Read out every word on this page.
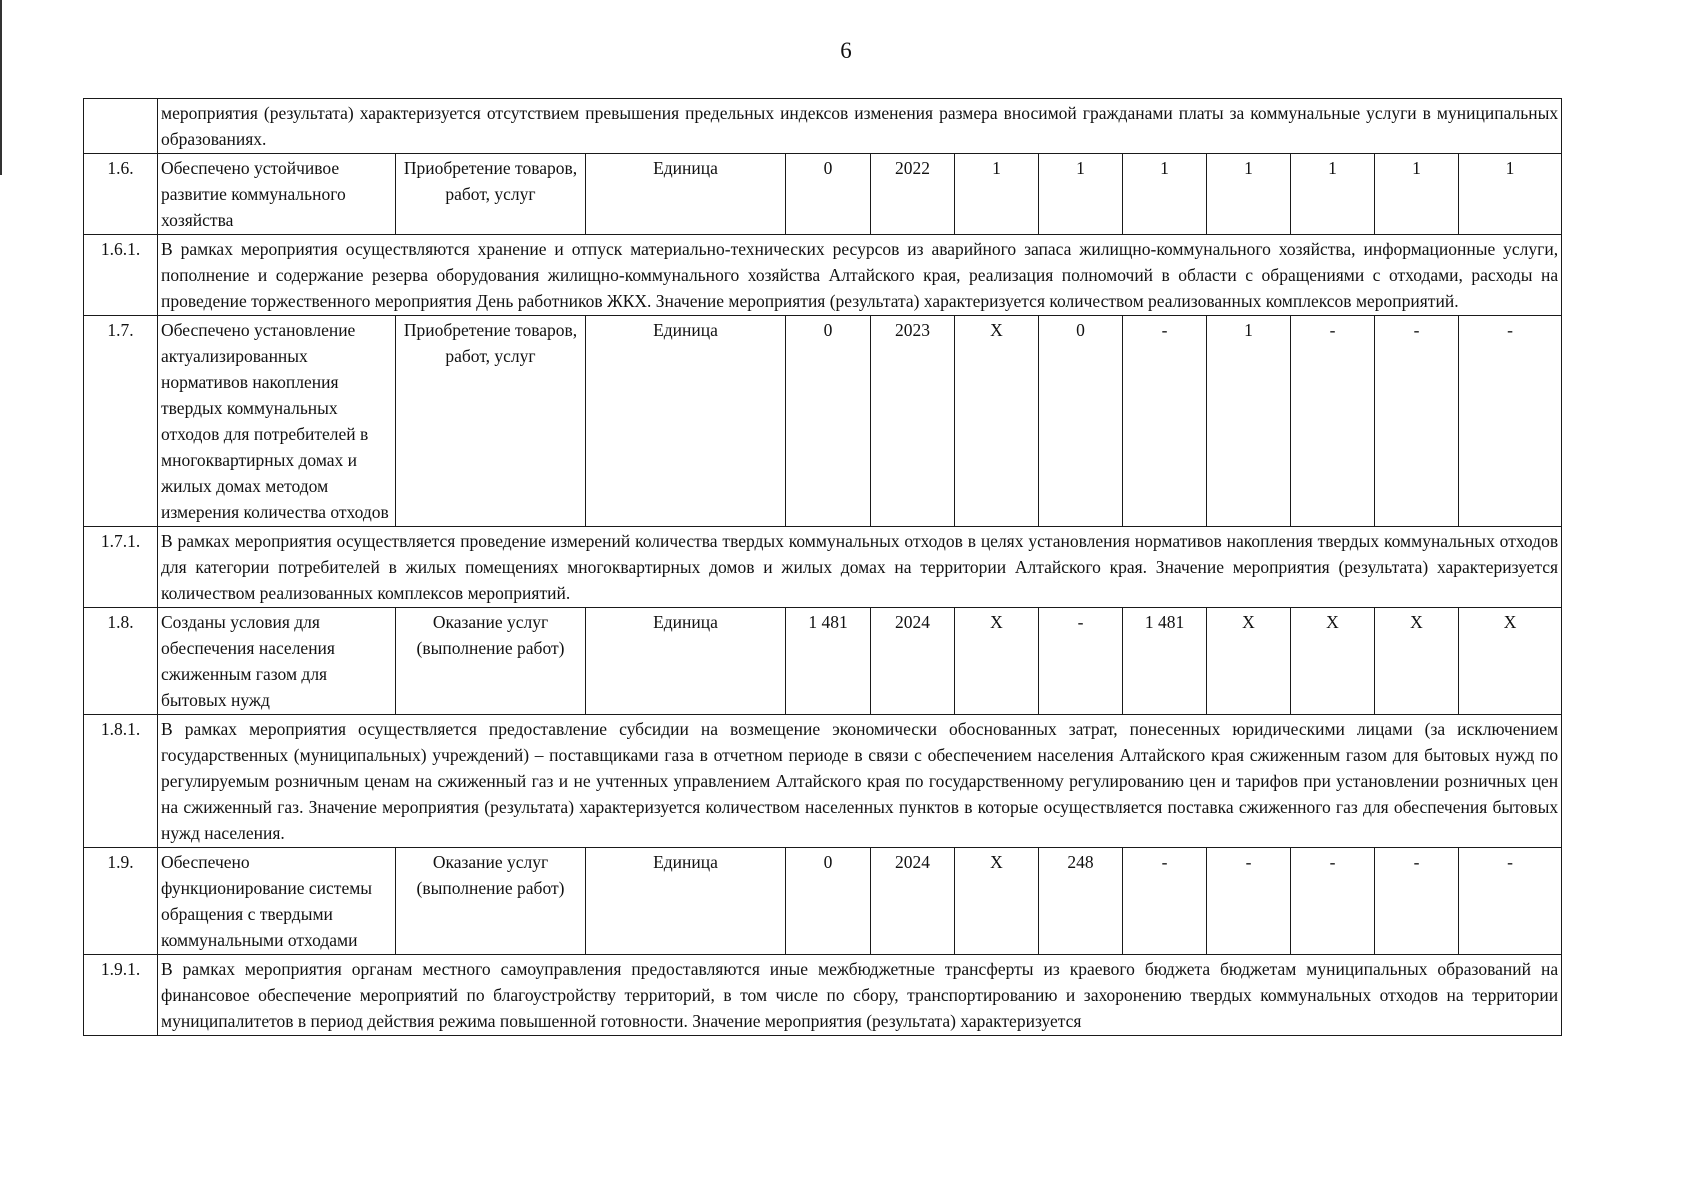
6
	мероприятия (результата) характеризуется отсутствием превышения предельных индексов изменения размера вносимой гражданами платы за коммунальные услуги в муниципальных образованиях.											
1.6.	Обеспечено устойчивое развитие коммунального хозяйства	Приобретение товаров, работ, услуг	Единица	0	2022	1	1	1	1	1	1	1
1.6.1.	В рамках мероприятия осуществляются хранение и отпуск материально-технических ресурсов из аварийного запаса жилищно-коммунального хозяйства, информационные услуги, пополнение и содержание резерва оборудования жилищно-коммунального хозяйства Алтайского края, реализация полномочий в области с обращениями с отходами, расходы на проведение торжественного мероприятия День работников ЖКХ. Значение мероприятия (результата) характеризуется количеством реализованных комплексов мероприятий.											
1.7.	Обеспечено установление актуализированных нормативов накопления твердых коммунальных отходов для потребителей в многоквартирных домах и жилых домах методом измерения количества отходов	Приобретение товаров, работ, услуг	Единица	0	2023	X	0	-	1	-	-	-
1.7.1.	В рамках мероприятия осуществляется проведение измерений количества твердых коммунальных отходов в целях установления нормативов накопления твердых коммунальных отходов для категории потребителей в жилых помещениях многоквартирных домов и жилых домах на территории Алтайского края. Значение мероприятия (результата) характеризуется количеством реализованных комплексов мероприятий.											
1.8.	Созданы условия для обеспечения населения сжиженным газом для бытовых нужд	Оказание услуг (выполнение работ)	Единица	1 481	2024	X	-	1 481	X	X	X	X
1.8.1.	В рамках мероприятия осуществляется предоставление субсидии на возмещение экономически обоснованных затрат, понесенных юридическими лицами (за исключением государственных (муниципальных) учреждений) – поставщиками газа в отчетном периоде в связи с обеспечением населения Алтайского края сжиженным газом для бытовых нужд по регулируемым розничным ценам на сжиженный газ и не учтенных управлением Алтайского края по государственному регулированию цен и тарифов при установлении розничных цен на сжиженный газ. Значение мероприятия (результата) характеризуется количеством населенных пунктов в которые осуществляется поставка сжиженного газ для обеспечения бытовых нужд населения.											
1.9.	Обеспечено функционирование системы обращения с твердыми коммунальными отходами	Оказание услуг (выполнение работ)	Единица	0	2024	X	248	-	-	-	-	-
1.9.1.	В рамках мероприятия органам местного самоуправления предоставляются иные межбюджетные трансферты из краевого бюджета бюджетам муниципальных образований на финансовое обеспечение мероприятий по благоустройству территорий, в том числе по сбору, транспортированию и захоронению твердых коммунальных отходов на территории муниципалитетов в период действия режима повышенной готовности. Значение мероприятия (результата) характеризуется											
